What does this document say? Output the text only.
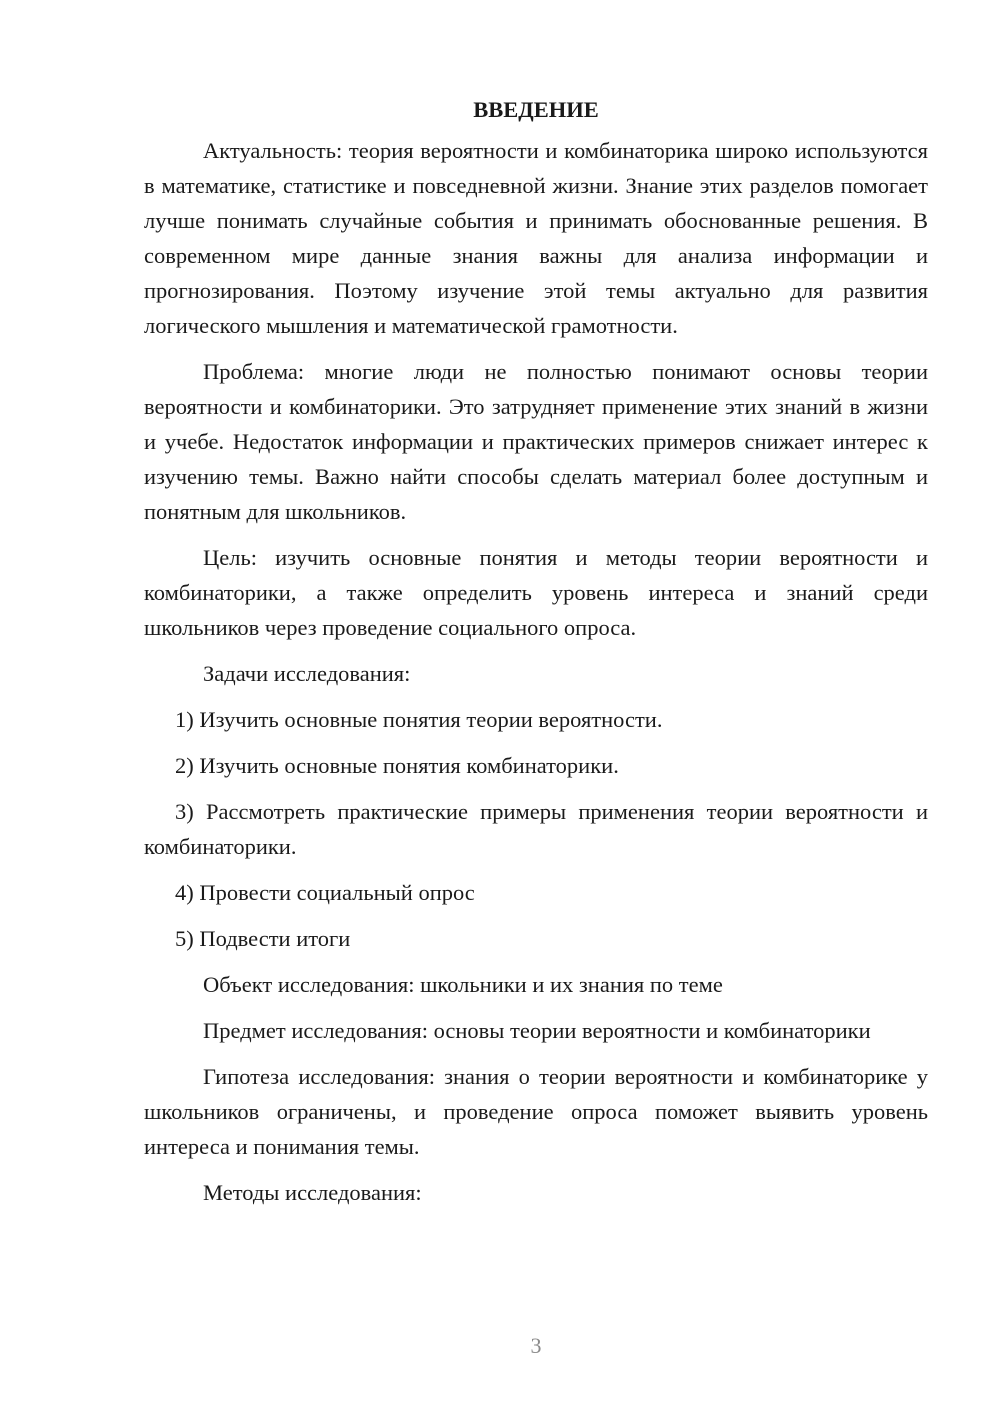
ВВЕДЕНИЕ

Актуальность: теория вероятности и комбинаторика широко используются в математике, статистике и повседневной жизни. Знание этих разделов помогает лучше понимать случайные события и принимать обоснованные решения. В современном мире данные знания важны для анализа информации и прогнозирования. Поэтому изучение этой темы актуально для развития логического мышления и математической грамотности.

Проблема: многие люди не полностью понимают основы теории вероятности и комбинаторики. Это затрудняет применение этих знаний в жизни и учебе. Недостаток информации и практических примеров снижает интерес к изучению темы. Важно найти способы сделать материал более доступным и понятным для школьников.

Цель: изучить основные понятия и методы теории вероятности и комбинаторики, а также определить уровень интереса и знаний среди школьников через проведение социального опроса.

Задачи исследования:

1) Изучить основные понятия теории вероятности.

2) Изучить основные понятия комбинаторики.

3) Рассмотреть практические примеры применения теории вероятности и комбинаторики.

4) Провести социальный опрос

5) Подвести итоги

Объект исследования: школьники и их знания по теме

Предмет исследования: основы теории вероятности и комбинаторики

Гипотеза исследования: знания о теории вероятности и комбинаторике у школьников ограничены, и проведение опроса поможет выявить уровень интереса и понимания темы.

Методы исследования:

3
